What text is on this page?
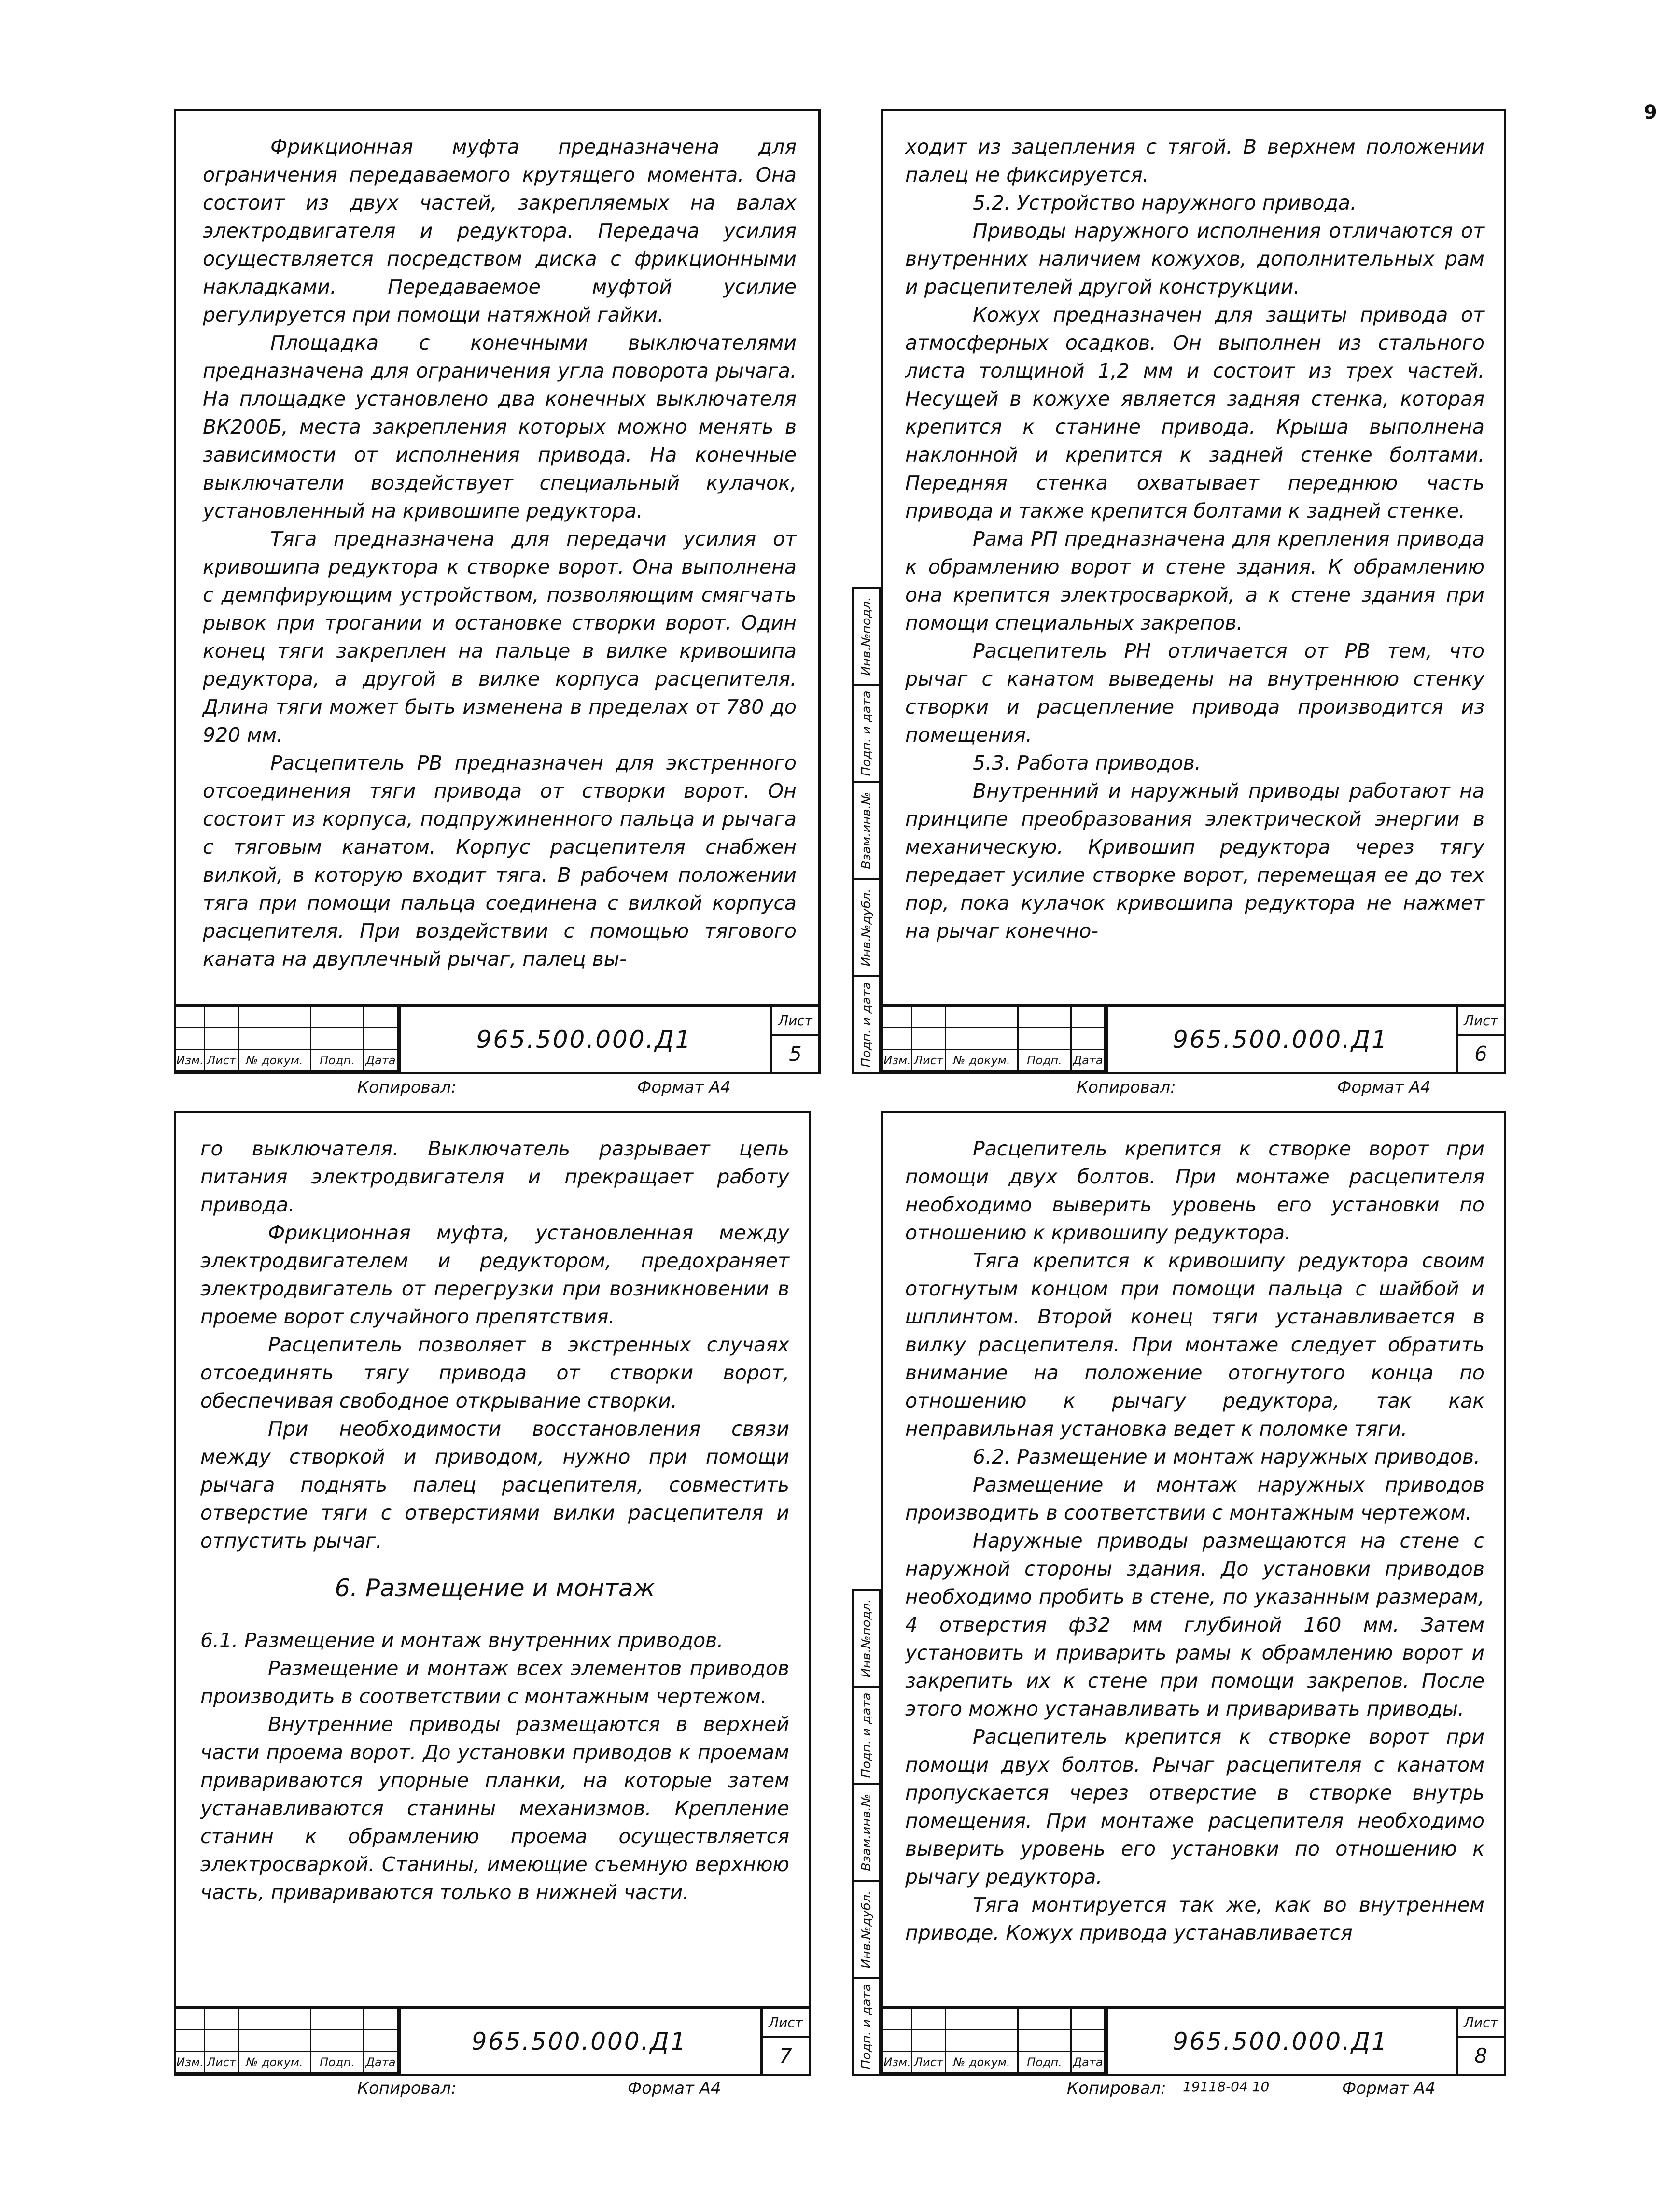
9

Фрикционная муфта предназначена для ограничения передаваемого крутящего момента. Она состоит из двух частей, закрепляемых на валах электродвигателя и редуктора. Передача усилия осуществляется посредством диска с фрикционными накладками. Передаваемое муфтой усилие регулируется при помощи натяжной гайки.

Площадка с конечными выключателями предназначена для ограничения угла поворота рычага. На площадке установлено два конечных выключателя ВК200Б, места закрепления которых можно менять в зависимости от исполнения привода. На конечные выключатели воздействует специальный кулачок, установленный на кривошипе редуктора.

Тяга предназначена для передачи усилия от кривошипа редуктора к створке ворот. Она выполнена с демпфирующим устройством, позволяющим смягчать рывок при трогании и остановке створки ворот. Один конец тяги закреплен на пальце в вилке кривошипа редуктора, а другой в вилке корпуса расцепителя. Длина тяги может быть изменена в пределах от 780 до 920 мм.

Расцепитель РВ предназначен для экстренного отсоединения тяги привода от створки ворот. Он состоит из корпуса, подпружиненного пальца и рычага с тяговым канатом. Корпус расцепителя снабжен вилкой, в которую входит тяга. В рабочем положении тяга при помощи пальца соединена с вилкой корпуса расцепителя. При воздействии с помощью тягового каната на двуплечный рычаг, палец вы-

Изм. Лист № докум.	Подп. Дата
965.500.000.Д1
Лист
5
Копировал:	Формат А4
Инв.№подл.
Подп. и дата
Взам.инв.№
Инв.№дубл.
Подп. и дата

ходит из зацепления с тягой. В верхнем положении палец не фиксируется.

5.2. Устройство наружного привода.

Приводы наружного исполнения отличаются от внутренних наличием кожухов, дополнительных рам и расцепителей другой конструкции.

Кожух предназначен для защиты привода от атмосферных осадков. Он выполнен из стального листа толщиной 1,2 мм и состоит из трех частей. Несущей в кожухе является задняя стенка, которая крепится к станине привода. Крыша выполнена наклонной и крепится к задней стенке болтами. Передняя стенка охватывает переднюю часть привода и также крепится болтами к задней стенке.

Рама РП предназначена для крепления привода к обрамлению ворот и стене здания. К обрамлению она крепится электросваркой, а к стене здания при помощи специальных закрепов.

Расцепитель РН отличается от РВ тем, что рычаг с канатом выведены на внутреннюю стенку створки и расцепление привода производится из помещения.

5.3. Работа приводов.

Внутренний и наружный приводы работают на принципе преобразования электрической энергии в механическую. Кривошип редуктора через тягу передает усилие створке ворот, перемещая ее до тех пор, пока кулачок кривошипа редуктора не нажмет на рычаг конечно-

Изм. Лист № докум.	Подп. Дата
965.500.000.Д1
Лист
6
Копировал:	Формат А4

го выключателя. Выключатель разрывает цепь питания электродвигателя и прекращает работу привода.

Фрикционная муфта, установленная между электродвигателем и редуктором, предохраняет электродвигатель от перегрузки при возникновении в проеме ворот случайного препятствия.

Расцепитель позволяет в экстренных случаях отсоединять тягу привода от створки ворот, обеспечивая свободное открывание створки.

При необходимости восстановления связи между створкой и приводом, нужно при помощи рычага поднять палец расцепителя, совместить отверстие тяги с отверстиями вилки расцепителя и отпустить рычаг.

6. Размещение и монтаж

6.1. Размещение и монтаж внутренних приводов.

Размещение и монтаж всех элементов приводов производить в соответствии с монтажным чертежом.

Внутренние приводы размещаются в верхней части проема ворот. До установки приводов к проемам привариваются упорные планки, на которые затем устанавливаются станины механизмов. Крепление станин к обрамлению проема осуществляется электросваркой. Станины, имеющие съемную верхнюю часть, привариваются только в нижней части.

Изм. Лист № докум.	Подп. Дата
965.500.000.Д1
Лист
7
Копировал:	Формат А4
Инв.№подл.
Подп. и дата
Взам.инв.№
Инв.№дубл.
Подп. и дата

Расцепитель крепится к створке ворот при помощи двух болтов. При монтаже расцепителя необходимо выверить уровень его установки по отношению к кривошипу редуктора.

Тяга крепится к кривошипу редуктора своим отогнутым концом при помощи пальца с шайбой и шплинтом. Второй конец тяги устанавливается в вилку расцепителя. При монтаже следует обратить внимание на положение отогнутого конца по отношению к рычагу редуктора, так как неправильная установка ведет к поломке тяги.

6.2. Размещение и монтаж наружных приводов.

Размещение и монтаж наружных приводов производить в соответствии с монтажным чертежом.

Наружные приводы размещаются на стене с наружной стороны здания. До установки приводов необходимо пробить в стене, по указанным размерам, 4 отверстия ф32 мм глубиной 160 мм. Затем установить и приварить рамы к обрамлению ворот и закрепить их к стене при помощи закрепов. После этого можно устанавливать и приваривать приводы.

Расцепитель крепится к створке ворот при помощи двух болтов. Рычаг расцепителя с канатом пропускается через отверстие в створке внутрь помещения. При монтаже расцепителя необходимо выверить уровень его установки по отношению к рычагу редуктора.

Тяга монтируется так же, как во внутреннем приводе. Кожух привода устанавливается

Изм. Лист № докум.	Подп. Дата
965.500.000.Д1
Лист
8
Копировал: 19118-04 10	Формат А4
